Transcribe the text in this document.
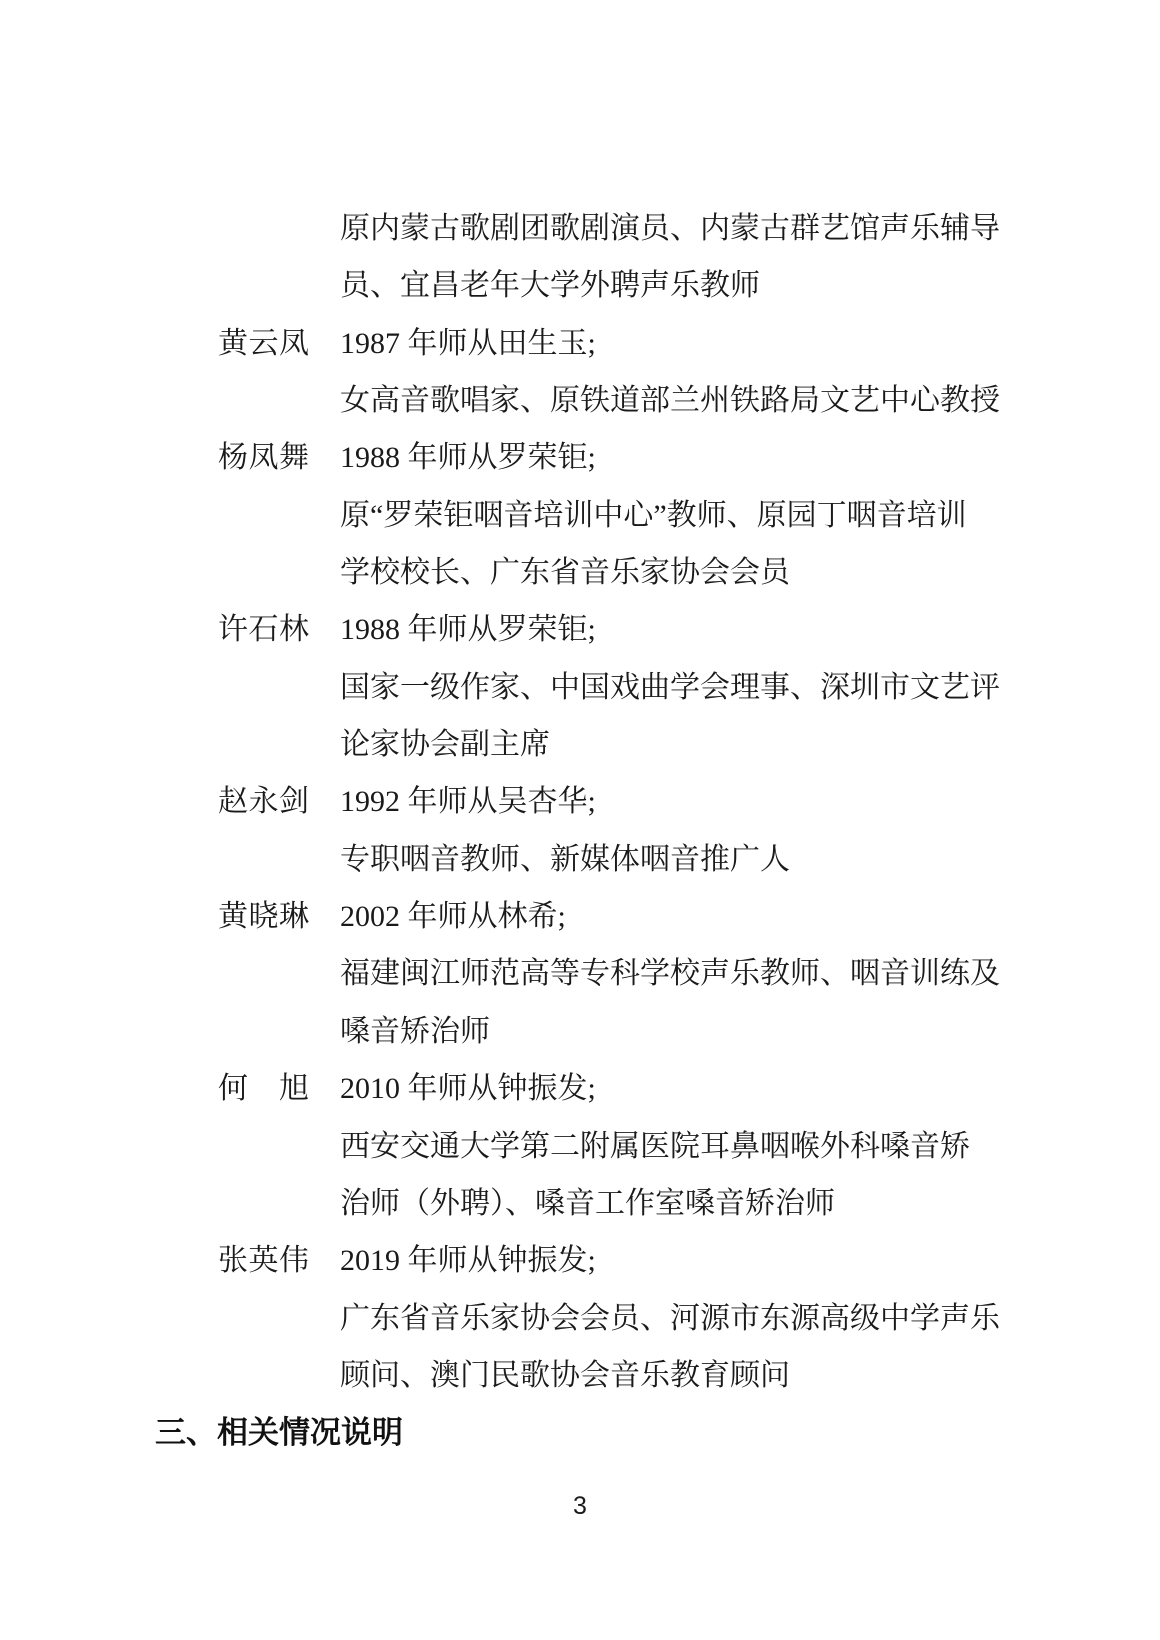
原内蒙古歌剧团歌剧演员、内蒙古群艺馆声乐辅导
员、宜昌老年大学外聘声乐教师
黄云凤	1987 年师从田生玉;
女高音歌唱家、原铁道部兰州铁路局文艺中心教授
杨凤舞	1988 年师从罗荣钜;
原“罗荣钜咽音培训中心”教师、原园丁咽音培训
学校校长、广东省音乐家协会会员
许石林	1988 年师从罗荣钜;
国家一级作家、中国戏曲学会理事、深圳市文艺评
论家协会副主席
赵永剑	1992 年师从吴杏华;
专职咽音教师、新媒体咽音推广人
黄晓琳	2002 年师从林希;
福建闽江师范高等专科学校声乐教师、咽音训练及
嗓音矫治师
何　旭	2010 年师从钟振发;
西安交通大学第二附属医院耳鼻咽喉外科嗓音矫
治师（外聘）、嗓音工作室嗓音矫治师
张英伟	2019 年师从钟振发;
广东省音乐家协会会员、河源市东源高级中学声乐
顾问、澳门民歌协会音乐教育顾问
三、相关情况说明
3
